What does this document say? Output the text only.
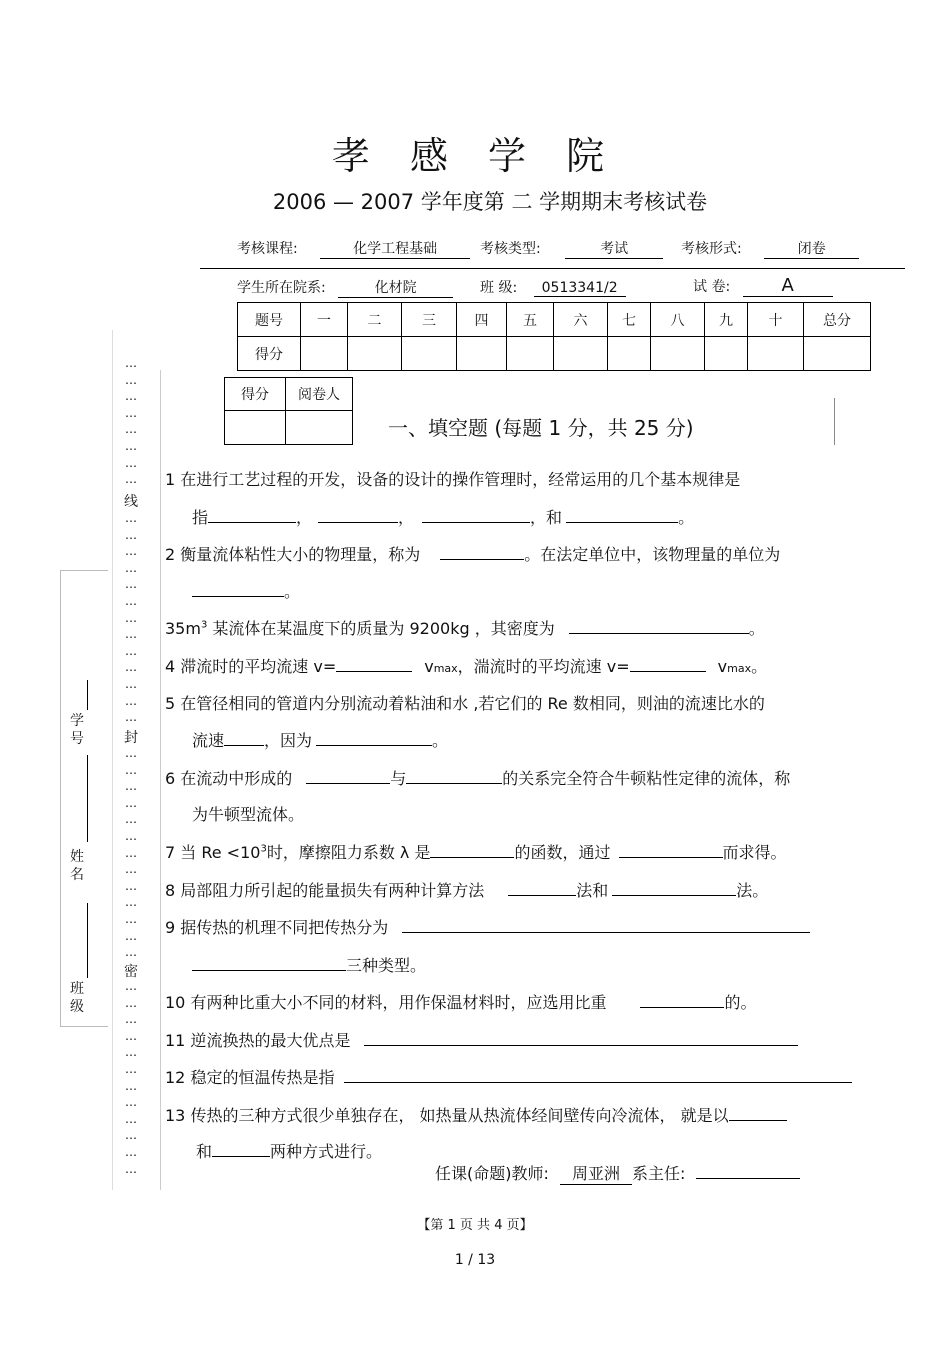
孝 感 学 院
2006 — 2007 学年度第 二 学期期末考核试卷
考核课程:	化学工程基础	考核类型:	考试	考核形式:	闭卷
学生所在院系:	化材院	班 级: 0513341/2	试 卷:	A
题号	一	二	三	四	五	六	七	八	九	十	总分
得分											
得分	阅卷人

一、填空题 (每题 1 分，共 25 分)
1 在进行工艺过程的开发，设备的设计的操作管理时，经常运用的几个基本规律是
指	，	，	，和	。
2 衡量流体粘性大小的物理量，称为	。在法定单位中，该物理量的单位为
。
$35m^3$ 某流体在某温度下的质量为 9200kg ，其密度为	。
4 滞流时的平均流速 v=	vmax，湍流时的平均流速 v=	vmax。
5 在管径相同的管道内分别流动着粘油和水 ,若它们的 Re 数相同，则油的流速比水的
流速	，因为	。
6 在流动中形成的	与	的关系完全符合牛顿粘性定律的流体，称
为牛顿型流体。
7 当 $Re <10^3$时，摩擦阻力系数 λ 是	的函数，通过	而求得。
8 局部阻力所引起的能量损失有两种计算方法	法和	法。
9 据传热的机理不同把传热分为
三种类型。
10 有两种比重大小不同的材料，用作保温材料时，应选用比重	的。
11 逆流换热的最大优点是
12 稳定的恒温传热是指
13 传热的三种方式很少单独存在， 如热量从热流体经间壁传向冷流体， 就是以
和	两种方式进行。
任课(命题)教师: 周亚洲 系主任:
…
…
…
…
…
…
…
…
线
…
…
…
…
…
…
…
…
…
…
…
…
…
封
…
…
…
…
…
…
…
…
…
…
…
…
…
密
…
…
…
…
…
…
…
…
…
…
…
…
学号
姓名
班级
【第 1 页 共 4 页】
1 / 13
